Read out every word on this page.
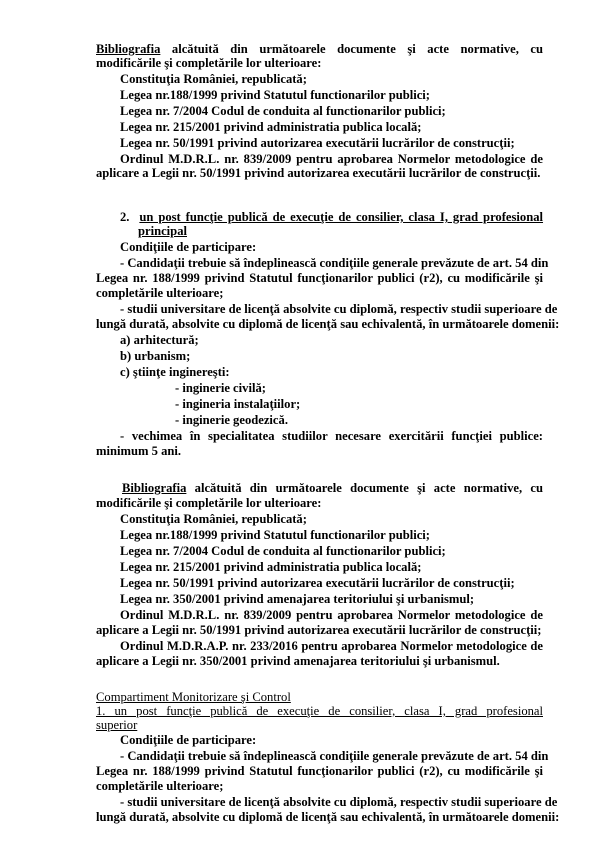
Bibliografia alcătuită din următoarele documente şi acte normative, cu
modificările şi completările lor ulterioare:
Constituţia României, republicată;
Legea nr.188/1999 privind Statutul functionarilor publici;
Legea nr. 7/2004 Codul de conduita al functionarilor publici;
Legea nr. 215/2001 privind administratia publica locală;
Legea nr. 50/1991 privind autorizarea executării lucrărilor de construcţii;
Ordinul M.D.R.L. nr. 839/2009 pentru aprobarea Normelor metodologice de
aplicare a Legii nr. 50/1991 privind autorizarea executării lucrărilor de construcţii.
2. un post funcţie publică de execuţie de consilier, clasa I, grad profesional
principal
Condiţiile de participare:
- Candidaţii trebuie să îndeplinească condiţiile generale prevăzute de art. 54 din
Legea nr. 188/1999 privind Statutul funcţionarilor publici (r2), cu modificările şi
completările ulterioare;
- studii universitare de licenţă absolvite cu diplomă, respectiv studii superioare de
lungă durată, absolvite cu diplomă de licenţă sau echivalentă, în următoarele domenii:
a) arhitectură;
b) urbanism;
c) ştiinţe inginereşti:
- inginerie civilă;
- ingineria instalaţiilor;
- inginerie geodezică.
- vechimea în specialitatea studiilor necesare exercitării funcţiei publice:
minimum 5 ani.
Bibliografia alcătuită din următoarele documente şi acte normative, cu
modificările şi completările lor ulterioare:
Constituţia României, republicată;
Legea nr.188/1999 privind Statutul functionarilor publici;
Legea nr. 7/2004 Codul de conduita al functionarilor publici;
Legea nr. 215/2001 privind administratia publica locală;
Legea nr. 50/1991 privind autorizarea executării lucrărilor de construcţii;
Legea nr. 350/2001 privind amenajarea teritoriului şi urbanismul;
Ordinul M.D.R.L. nr. 839/2009 pentru aprobarea Normelor metodologice de
aplicare a Legii nr. 50/1991 privind autorizarea executării lucrărilor de construcţii;
Ordinul M.D.R.A.P. nr. 233/2016 pentru aprobarea Normelor metodologice de
aplicare a Legii nr. 350/2001 privind amenajarea teritoriului şi urbanismul.
Compartiment Monitorizare şi Control
1. un post funcţie publică de execuţie de consilier, clasa I, grad profesional
superior
Condiţiile de participare:
- Candidaţii trebuie să îndeplinească condiţiile generale prevăzute de art. 54 din
Legea nr. 188/1999 privind Statutul funcţionarilor publici (r2), cu modificările şi
completările ulterioare;
- studii universitare de licenţă absolvite cu diplomă, respectiv studii superioare de
lungă durată, absolvite cu diplomă de licenţă sau echivalentă, în următoarele domenii:
